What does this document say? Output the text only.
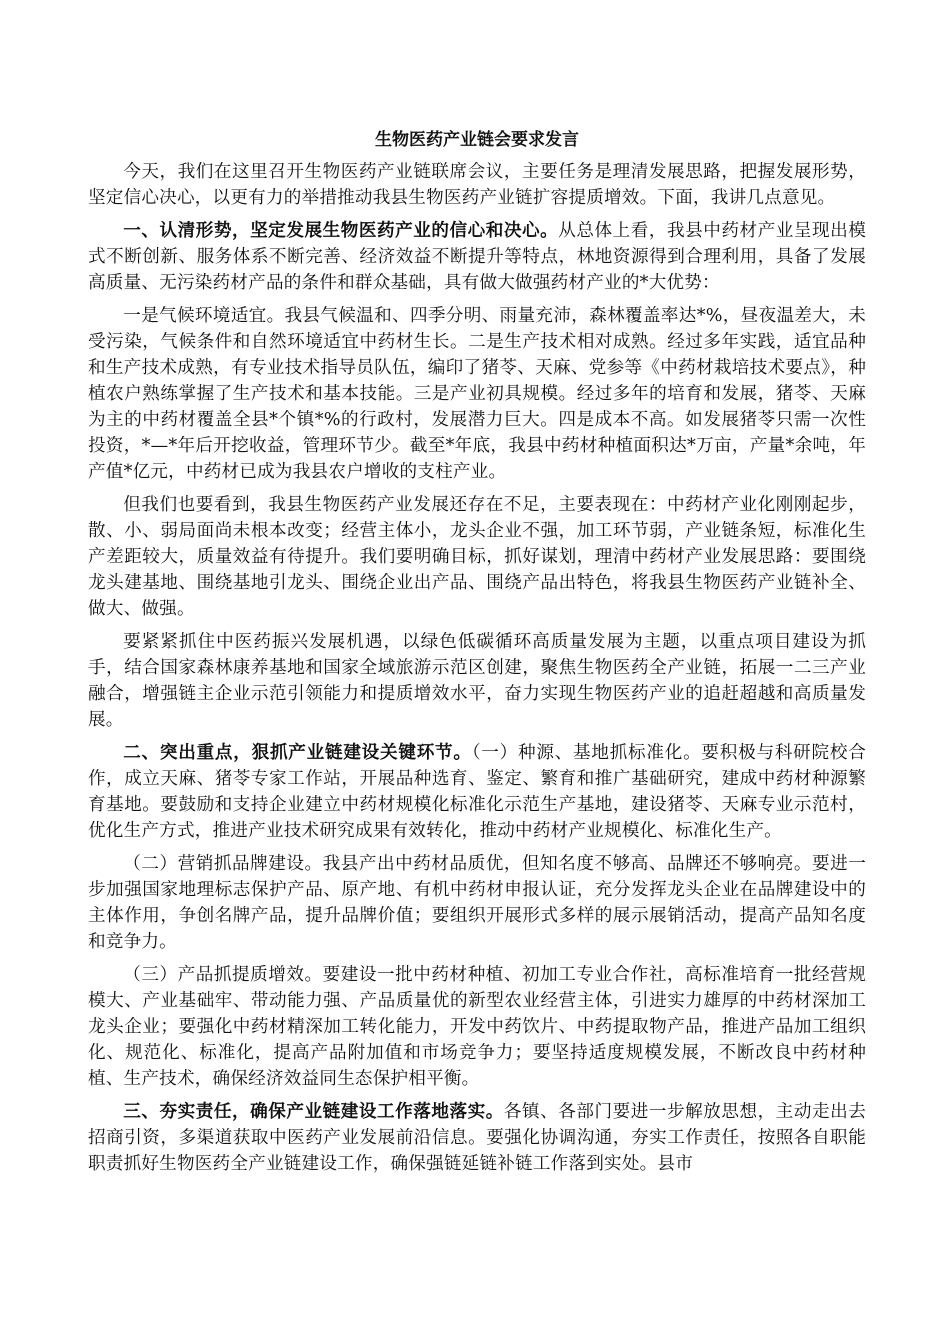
生物医药产业链会要求发言

今天，我们在这里召开生物医药产业链联席会议，主要任务是理清发展思路，把握发展形势，坚定信心决心，以更有力的举措推动我县生物医药产业链扩容提质增效。下面，我讲几点意见。

一、认清形势，坚定发展生物医药产业的信心和决心。从总体上看，我县中药材产业呈现出模式不断创新、服务体系不断完善、经济效益不断提升等特点，林地资源得到合理利用，具备了发展高质量、无污染药材产品的条件和群众基础，具有做大做强药材产业的*大优势：

一是气候环境适宜。我县气候温和、四季分明、雨量充沛，森林覆盖率达*%，昼夜温差大，未受污染，气候条件和自然环境适宜中药材生长。二是生产技术相对成熟。经过多年实践，适宜品种和生产技术成熟，有专业技术指导员队伍，编印了猪苓、天麻、党参等《中药材栽培技术要点》，种植农户熟练掌握了生产技术和基本技能。三是产业初具规模。经过多年的培育和发展，猪苓、天麻为主的中药材覆盖全县*个镇*%的行政村，发展潜力巨大。四是成本不高。如发展猪苓只需一次性投资，*—*年后开挖收益，管理环节少。截至*年底，我县中药材种植面积达*万亩，产量*余吨，年产值*亿元，中药材已成为我县农户增收的支柱产业。

但我们也要看到，我县生物医药产业发展还存在不足，主要表现在：中药材产业化刚刚起步，散、小、弱局面尚未根本改变；经营主体小，龙头企业不强，加工环节弱，产业链条短，标准化生产差距较大，质量效益有待提升。我们要明确目标，抓好谋划，理清中药材产业发展思路：要围绕龙头建基地、围绕基地引龙头、围绕企业出产品、围绕产品出特色，将我县生物医药产业链补全、做大、做强。

要紧紧抓住中医药振兴发展机遇，以绿色低碳循环高质量发展为主题，以重点项目建设为抓手，结合国家森林康养基地和国家全域旅游示范区创建，聚焦生物医药全产业链，拓展一二三产业融合，增强链主企业示范引领能力和提质增效水平，奋力实现生物医药产业的追赶超越和高质量发展。

二、突出重点，狠抓产业链建设关键环节。（一）种源、基地抓标准化。要积极与科研院校合作，成立天麻、猪苓专家工作站，开展品种选育、鉴定、繁育和推广基础研究，建成中药材种源繁育基地。要鼓励和支持企业建立中药材规模化标准化示范生产基地，建设猪苓、天麻专业示范村，优化生产方式，推进产业技术研究成果有效转化，推动中药材产业规模化、标准化生产。

（二）营销抓品牌建设。我县产出中药材品质优，但知名度不够高、品牌还不够响亮。要进一步加强国家地理标志保护产品、原产地、有机中药材申报认证，充分发挥龙头企业在品牌建设中的主体作用，争创名牌产品，提升品牌价值；要组织开展形式多样的展示展销活动，提高产品知名度和竞争力。

（三）产品抓提质增效。要建设一批中药材种植、初加工专业合作社，高标准培育一批经营规模大、产业基础牢、带动能力强、产品质量优的新型农业经营主体，引进实力雄厚的中药材深加工龙头企业；要强化中药材精深加工转化能力，开发中药饮片、中药提取物产品，推进产品加工组织化、规范化、标准化，提高产品附加值和市场竞争力；要坚持适度规模发展，不断改良中药材种植、生产技术，确保经济效益同生态保护相平衡。

三、夯实责任，确保产业链建设工作落地落实。各镇、各部门要进一步解放思想，主动走出去招商引资，多渠道获取中医药产业发展前沿信息。要强化协调沟通，夯实工作责任，按照各自职能职责抓好生物医药全产业链建设工作，确保强链延链补链工作落到实处。县市
